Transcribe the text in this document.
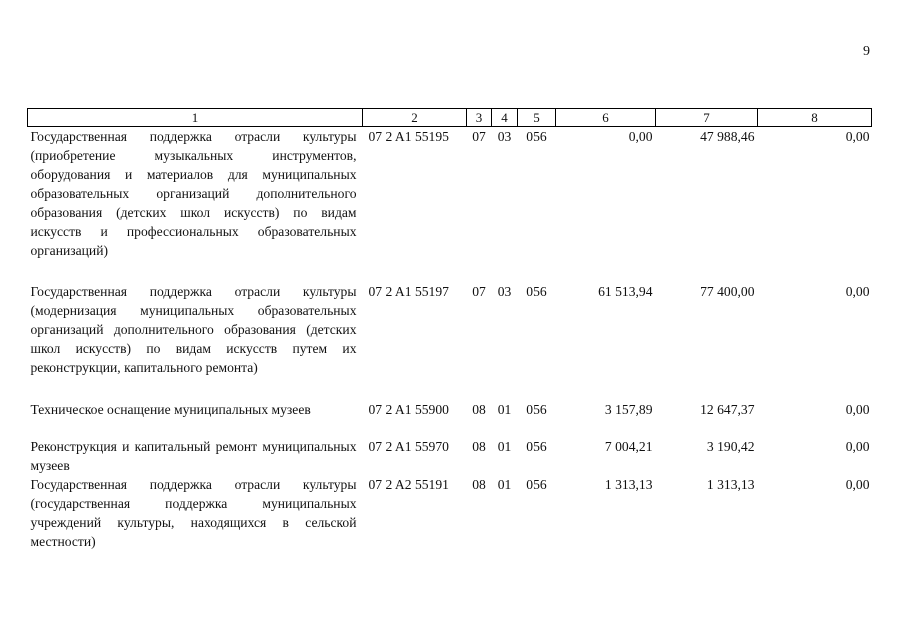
9
1	2	3	4	5	6	7	8
Государственная поддержка отрасли культуры (приобретение музыкальных инструментов, оборудования и материалов для муниципальных образовательных организаций дополнительного образования (детских школ искусств) по видам искусств и профессиональных образовательных организаций)	07 2 A1 55195	07	03	056	0,00	47 988,46	0,00
Государственная поддержка отрасли культуры (модернизация муниципальных образовательных организаций дополнительного образования (детских школ искусств) по видам искусств путем их реконструкции, капитального ремонта)	07 2 A1 55197	07	03	056	61 513,94	77 400,00	0,00
Техническое оснащение муниципальных музеев	07 2 A1 55900	08	01	056	3 157,89	12 647,37	0,00
Реконструкция и капитальный ремонт муниципальных музеев	07 2 A1 55970	08	01	056	7 004,21	3 190,42	0,00
Государственная поддержка отрасли культуры (государственная поддержка муниципальных учреждений культуры, находящихся в сельской местности)	07 2 A2 55191	08	01	056	1 313,13	1 313,13	0,00
